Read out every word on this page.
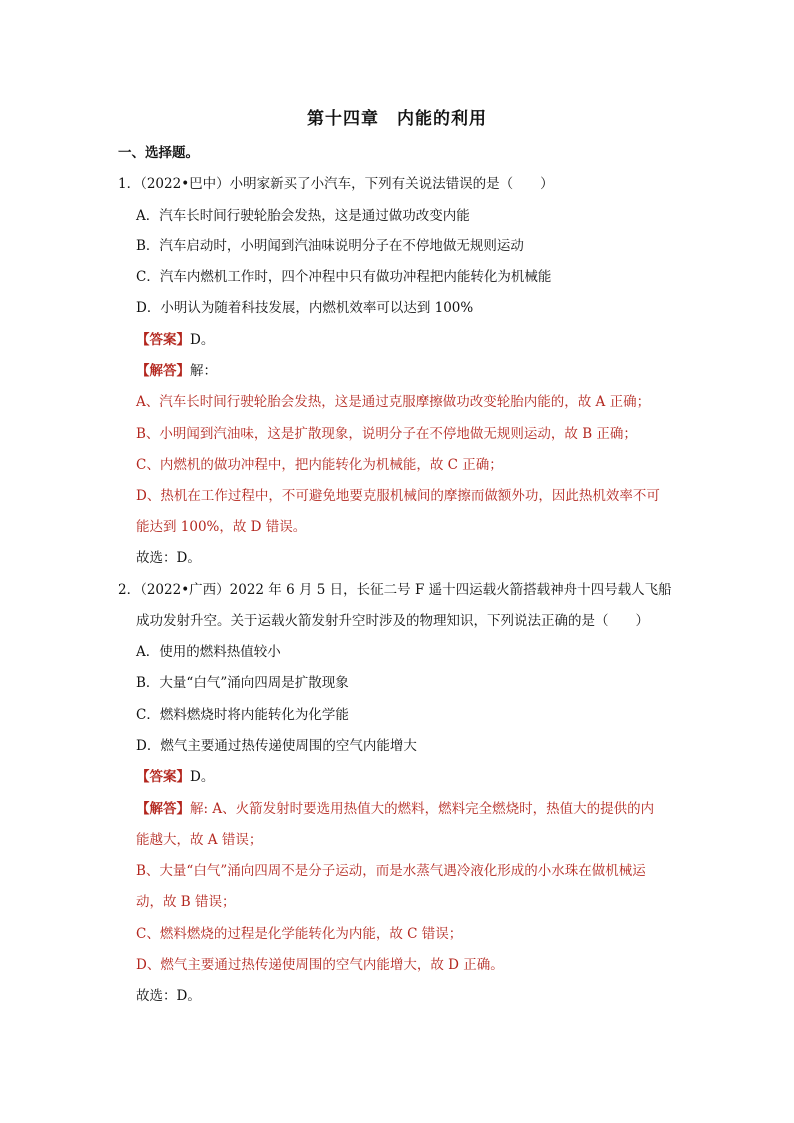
第十四章　内能的利用
一、选择题。
1．（2022•巴中）小明家新买了小汽车，下列有关说法错误的是（　　）
A．汽车长时间行驶轮胎会发热，这是通过做功改变内能
B．汽车启动时，小明闻到汽油味说明分子在不停地做无规则运动
C．汽车内燃机工作时，四个冲程中只有做功冲程把内能转化为机械能
D．小明认为随着科技发展，内燃机效率可以达到 100%
【答案】D。
【解答】解：
A、汽车长时间行驶轮胎会发热，这是通过克服摩擦做功改变轮胎内能的，故 A 正确；
B、小明闻到汽油味，这是扩散现象，说明分子在不停地做无规则运动，故 B 正确；
C、内燃机的做功冲程中，把内能转化为机械能，故 C 正确；
D、热机在工作过程中，不可避免地要克服机械间的摩擦而做额外功，因此热机效率不可
能达到 100%，故 D 错误。
故选：D。
2．（2022•广西）2022 年 6 月 5 日，长征二号 F 遥十四运载火箭搭载神舟十四号载人飞船
成功发射升空。关于运载火箭发射升空时涉及的物理知识，下列说法正确的是（　　）
A．使用的燃料热值较小
B．大量“白气”涌向四周是扩散现象
C．燃料燃烧时将内能转化为化学能
D．燃气主要通过热传递使周围的空气内能增大
【答案】D。
【解答】解: A、火箭发射时要选用热值大的燃料，燃料完全燃烧时，热值大的提供的内
能越大，故 A 错误；
B、大量“白气”涌向四周不是分子运动，而是水蒸气遇冷液化形成的小水珠在做机械运
动，故 B 错误；
C、燃料燃烧的过程是化学能转化为内能，故 C 错误；
D、燃气主要通过热传递使周围的空气内能增大，故 D 正确。
故选：D。
